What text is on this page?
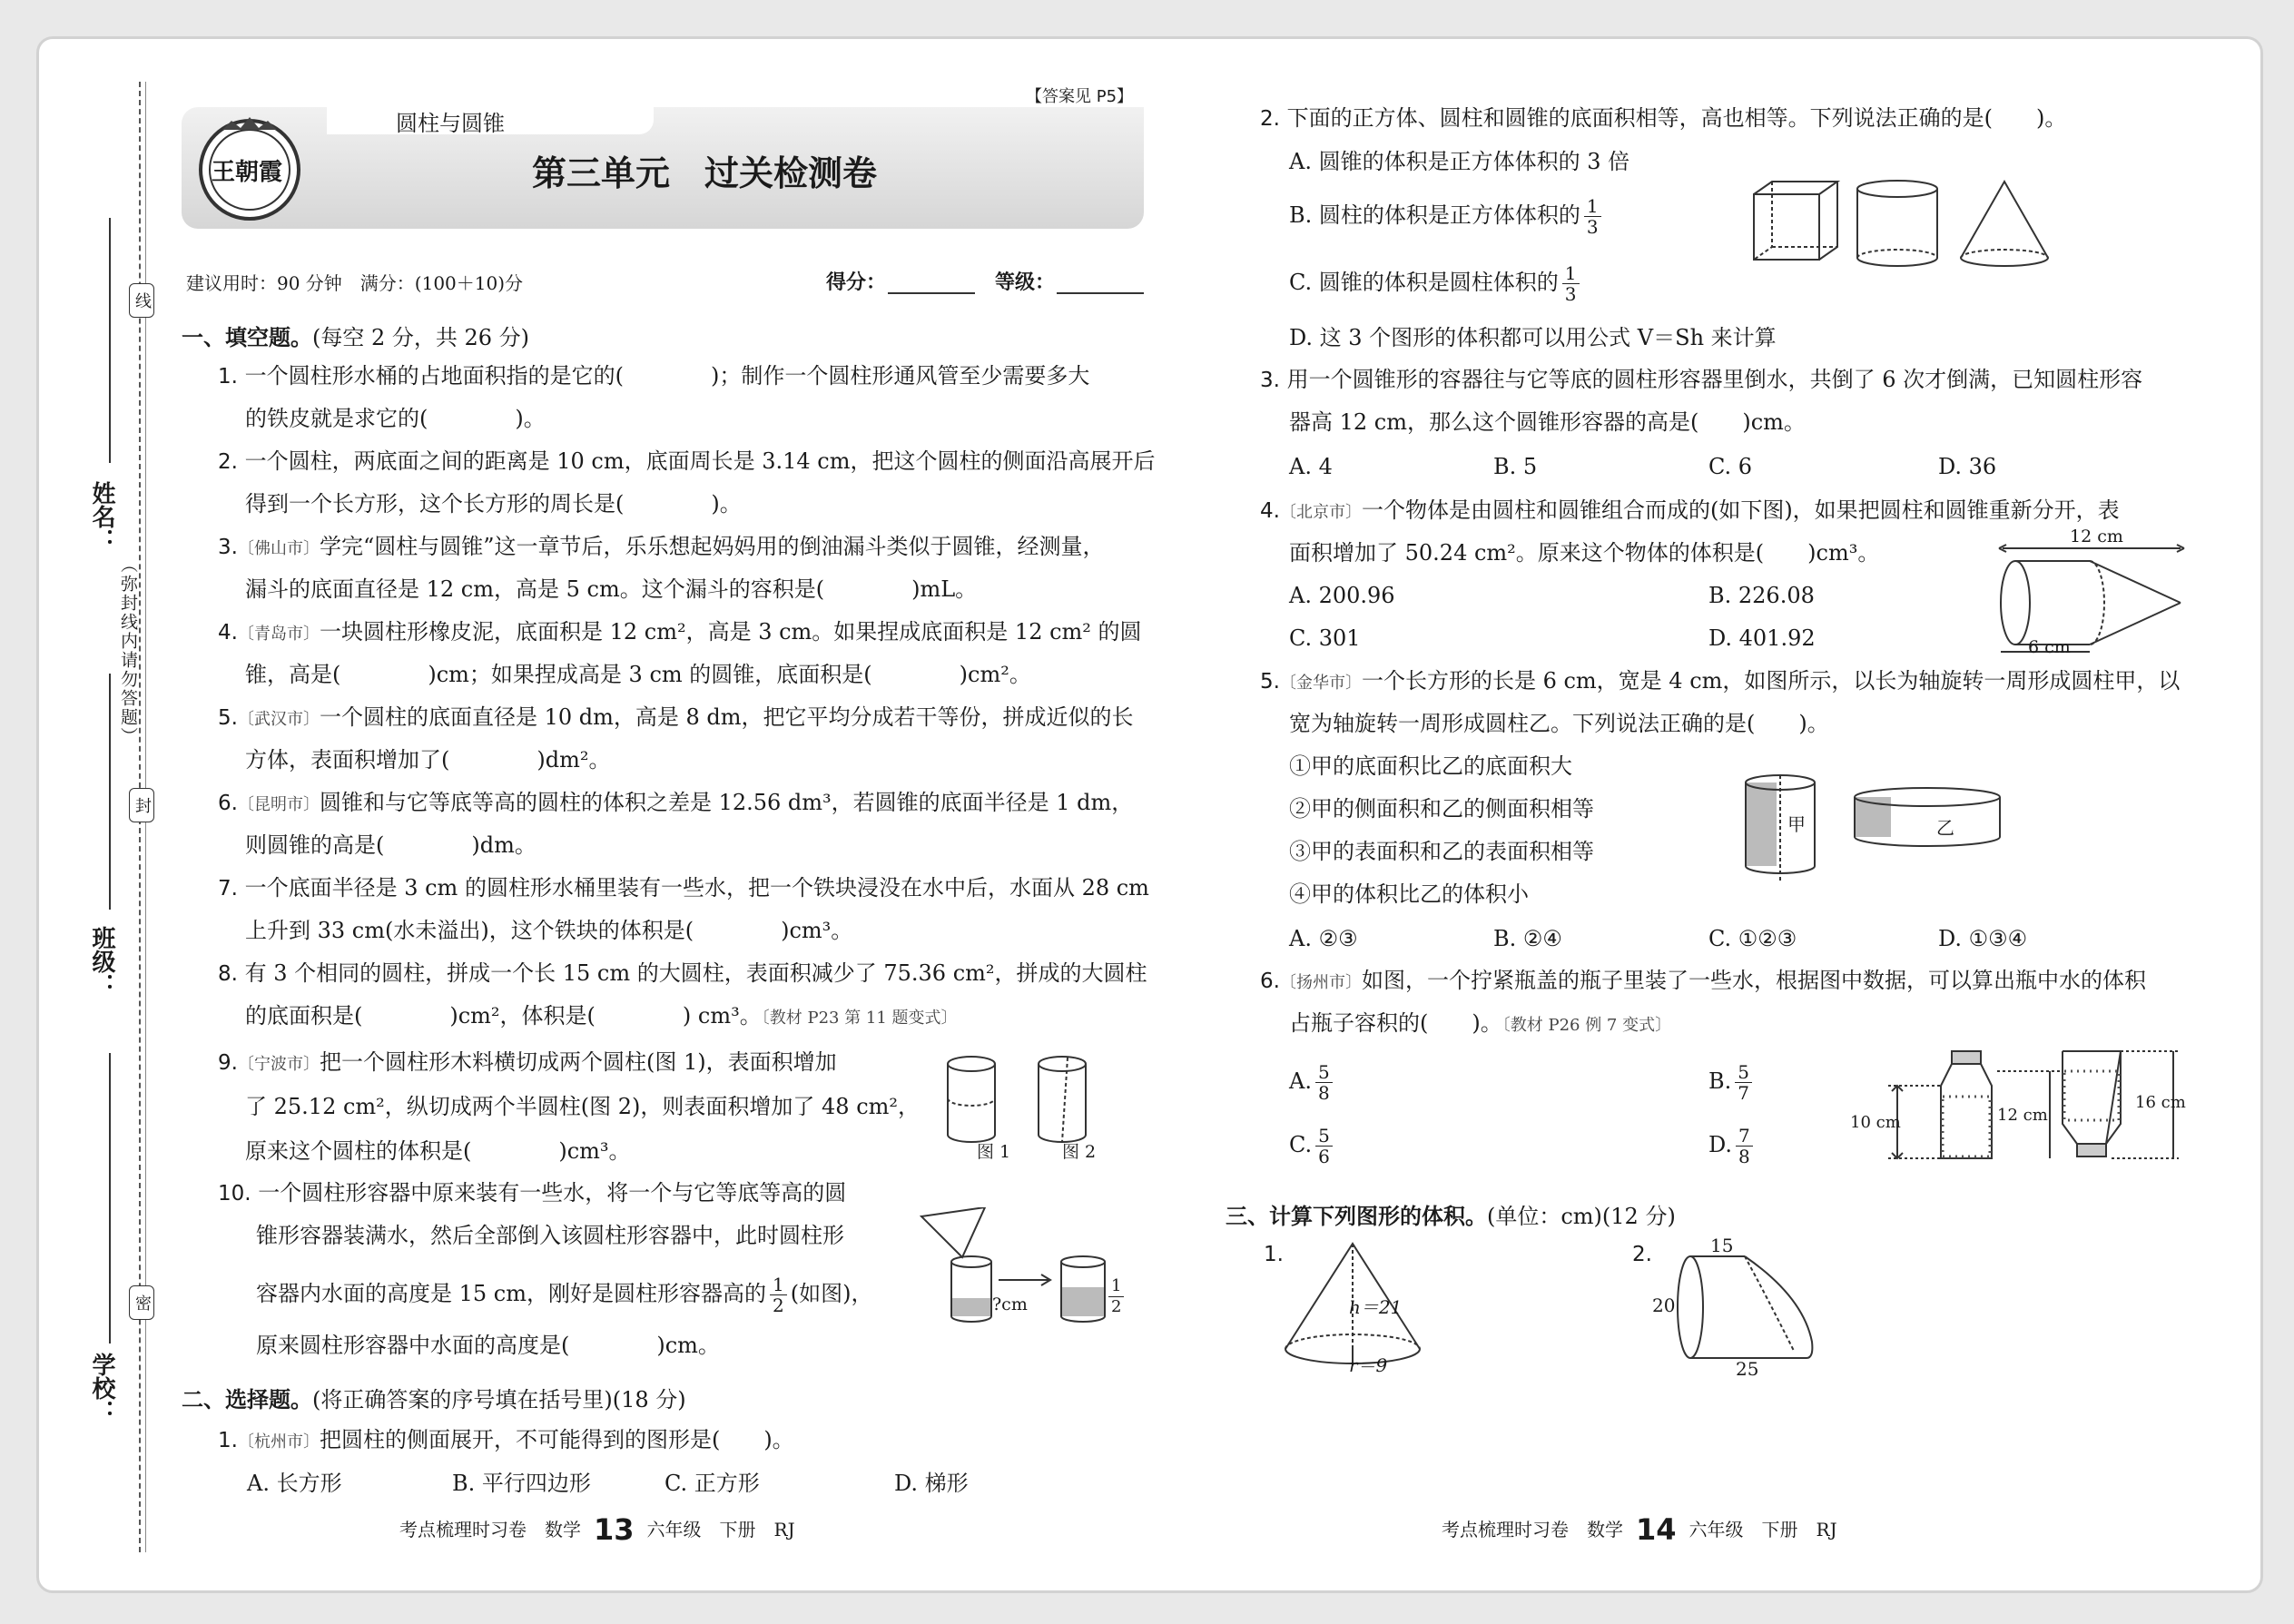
线
封
密
（弥封线内请勿答题）
姓名：
班级：
学校：
圆柱与圆锥
【答案见 P5】
第三单元　过关检测卷
王朝霞
建议用时：90 分钟　满分：(100＋10)分	得分：	等级：
一、填空题。(每空 2 分，共 26 分)
1. 一个圆柱形水桶的占地面积指的是它的(　　　　)；制作一个圆柱形通风管至少需要多大
的铁皮就是求它的(　　　　)。
2. 一个圆柱，两底面之间的距离是 10 cm，底面周长是 3.14 cm，把这个圆柱的侧面沿高展开后
得到一个长方形，这个长方形的周长是(　　　　)。
3.〔佛山市〕学完“圆柱与圆锥”这一章节后，乐乐想起妈妈用的倒油漏斗类似于圆锥，经测量，
漏斗的底面直径是 12 cm，高是 5 cm。这个漏斗的容积是(　　　　)mL。
4.〔青岛市〕一块圆柱形橡皮泥，底面积是 12 cm²，高是 3 cm。如果捏成底面积是 12 cm² 的圆
锥，高是(　　　　)cm；如果捏成高是 3 cm 的圆锥，底面积是(　　　　)cm²。
5.〔武汉市〕一个圆柱的底面直径是 10 dm，高是 8 dm，把它平均分成若干等份，拼成近似的长
方体，表面积增加了(　　　　)dm²。
6.〔昆明市〕圆锥和与它等底等高的圆柱的体积之差是 12.56 dm³，若圆锥的底面半径是 1 dm，
则圆锥的高是(　　　　)dm。
7. 一个底面半径是 3 cm 的圆柱形水桶里装有一些水，把一个铁块浸没在水中后，水面从 28 cm
上升到 33 cm(水未溢出)，这个铁块的体积是(　　　　)cm³。
8. 有 3 个相同的圆柱，拼成一个长 15 cm 的大圆柱，表面积减少了 75.36 cm²，拼成的大圆柱
的底面积是(　　　　)cm²，体积是(　　　　) cm³。〔教材 P23 第 11 题变式〕
9.〔宁波市〕把一个圆柱形木料横切成两个圆柱(图 1)，表面积增加
了 25.12 cm²，纵切成两个半圆柱(图 2)，则表面积增加了 48 cm²，
原来这个圆柱的体积是(　　　　)cm³。	图 1	图 2
10. 一个圆柱形容器中原来装有一些水，将一个与它等底等高的圆
锥形容器装满水，然后全部倒入该圆柱形容器中，此时圆柱形
容器内水面的高度是 15 cm，刚好是圆柱形容器高的 $\frac{1}{2}$ (如图)，
原来圆柱形容器中水面的高度是(　　　　)cm。
?cm	$\frac{1}{2}$
二、选择题。(将正确答案的序号填在括号里)(18 分)
1.〔杭州市〕把圆柱的侧面展开，不可能得到的图形是(　　)。
A. 长方形	B. 平行四边形	C. 正方形	D. 梯形
考点梳理时习卷　数学 13 六年级　下册　RJ
2. 下面的正方体、圆柱和圆锥的底面积相等，高也相等。下列说法正确的是(　　)。
A. 圆锥的体积是正方体体积的 3 倍
B. 圆柱的体积是正方体体积的 $\frac{1}{3}$
C. 圆锥的体积是圆柱体积的 $\frac{1}{3}$
D. 这 3 个图形的体积都可以用公式 V＝Sh 来计算
3. 用一个圆锥形的容器往与它等底的圆柱形容器里倒水，共倒了 6 次才倒满，已知圆柱形容
器高 12 cm，那么这个圆锥形容器的高是(　　)cm。
A. 4	B. 5	C. 6	D. 36
4.〔北京市〕一个物体是由圆柱和圆锥组合而成的(如下图)，如果把圆柱和圆锥重新分开，表
面积增加了 50.24 cm²。原来这个物体的体积是(　　)cm³。
A. 200.96	B. 226.08
C. 301	D. 401.92
12 cm
6 cm
5.〔金华市〕一个长方形的长是 6 cm，宽是 4 cm，如图所示，以长为轴旋转一周形成圆柱甲，以
宽为轴旋转一周形成圆柱乙。下列说法正确的是(　　)。
①甲的底面积比乙的底面积大
②甲的侧面积和乙的侧面积相等
③甲的表面积和乙的表面积相等
④甲的体积比乙的体积小
A. ②③	B. ②④	C. ①②③	D. ①③④
甲	乙
6.〔扬州市〕如图，一个拧紧瓶盖的瓶子里装了一些水，根据图中数据，可以算出瓶中水的体积
占瓶子容积的(　　)。〔教材 P26 例 7 变式〕
A. $\frac{5}{8}$	B. $\frac{5}{7}$
C. $\frac{5}{6}$	D. $\frac{7}{8}$
10 cm	12 cm
16 cm
三、计算下列图形的体积。(单位：cm)(12 分)
1.
h＝21
r＝9
2.	15
20
25
考点梳理时习卷　数学 14 六年级　下册　RJ
